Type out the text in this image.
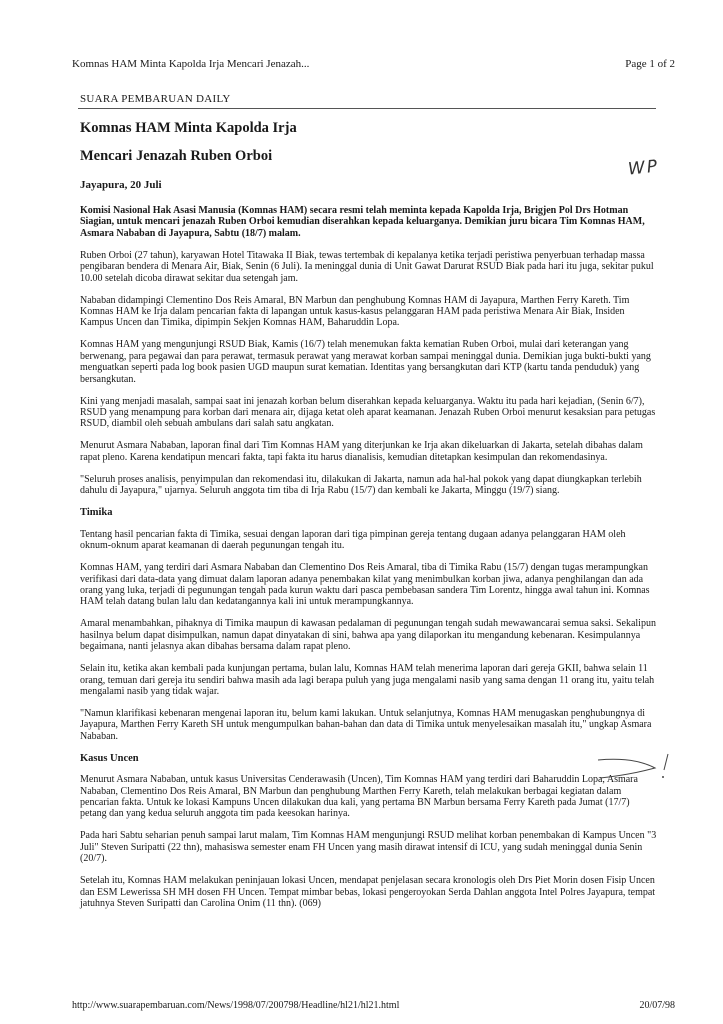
Komnas HAM Minta Kapolda Irja Mencari Jenazah...	Page 1 of 2
SUARA PEMBARUAN DAILY
Komnas HAM Minta Kapolda Irja
Mencari Jenazah Ruben Orboi
WP
Jayapura, 20 Juli

Komisi Nasional Hak Asasi Manusia (Komnas HAM) secara resmi telah meminta kepada Kapolda Irja, Brigjen Pol Drs Hotman Siagian, untuk mencari jenazah Ruben Orboi kemudian diserahkan kepada keluarganya. Demikian juru bicara Tim Komnas HAM, Asmara Nababan di Jayapura, Sabtu (18/7) malam.

Ruben Orboi (27 tahun), karyawan Hotel Titawaka II Biak, tewas tertembak di kepalanya ketika terjadi peristiwa penyerbuan terhadap massa pengibaran bendera di Menara Air, Biak, Senin (6 Juli). Ia meninggal dunia di Unit Gawat Darurat RSUD Biak pada hari itu juga, sekitar pukul 10.00 setelah dicoba dirawat sekitar dua setengah jam.

Nababan didampingi Clementino Dos Reis Amaral, BN Marbun dan penghubung Komnas HAM di Jayapura, Marthen Ferry Kareth. Tim Komnas HAM ke Irja dalam pencarian fakta di lapangan untuk kasus-kasus pelanggaran HAM pada peristiwa Menara Air Biak, Insiden Kampus Uncen dan Timika, dipimpin Sekjen Komnas HAM, Baharuddin Lopa.

Komnas HAM yang mengunjungi RSUD Biak, Kamis (16/7) telah menemukan fakta kematian Ruben Orboi, mulai dari keterangan yang berwenang, para pegawai dan para perawat, termasuk perawat yang merawat korban sampai meninggal dunia. Demikian juga bukti-bukti yang menguatkan seperti pada log book pasien UGD maupun surat kematian. Identitas yang bersangkutan dari KTP (kartu tanda penduduk) yang bersangkutan.

Kini yang menjadi masalah, sampai saat ini jenazah korban belum diserahkan kepada keluarganya. Waktu itu pada hari kejadian, (Senin 6/7), RSUD yang menampung para korban dari menara air, dijaga ketat oleh aparat keamanan. Jenazah Ruben Orboi menurut kesaksian para petugas RSUD, diambil oleh sebuah ambulans dari salah satu angkatan.

Menurut Asmara Nababan, laporan final dari Tim Komnas HAM yang diterjunkan ke Irja akan dikeluarkan di Jakarta, setelah dibahas dalam rapat pleno. Karena kendatipun mencari fakta, tapi fakta itu harus dianalisis, kemudian ditetapkan kesimpulan dan rekomendasinya.

"Seluruh proses analisis, penyimpulan dan rekomendasi itu, dilakukan di Jakarta, namun ada hal-hal pokok yang dapat diungkapkan terlebih dahulu di Jayapura," ujarnya. Seluruh anggota tim tiba di Irja Rabu (15/7) dan kembali ke Jakarta, Minggu (19/7) siang.

Timika

Tentang hasil pencarian fakta di Timika, sesuai dengan laporan dari tiga pimpinan gereja tentang dugaan adanya pelanggaran HAM oleh oknum-oknum aparat keamanan di daerah pegunungan tengah itu.

Komnas HAM, yang terdiri dari Asmara Nababan dan Clementino Dos Reis Amaral, tiba di Timika Rabu (15/7) dengan tugas merampungkan verifikasi dari data-data yang dimuat dalam laporan adanya penembakan kilat yang menimbulkan korban jiwa, adanya penghilangan dan ada orang yang luka, terjadi di pegunungan tengah pada kurun waktu dari pasca pembebasan sandera Tim Lorentz, hingga awal tahun ini. Komnas HAM telah datang bulan lalu dan kedatangannya kali ini untuk merampungkannya.

Amaral menambahkan, pihaknya di Timika maupun di kawasan pedalaman di pegunungan tengah sudah mewawancarai semua saksi. Sekalipun hasilnya belum dapat disimpulkan, namun dapat dinyatakan di sini, bahwa apa yang dilaporkan itu mengandung kebenaran. Kesimpulannya begaimana, nanti jelasnya akan dibahas bersama dalam rapat pleno.

Selain itu, ketika akan kembali pada kunjungan pertama, bulan lalu, Komnas HAM telah menerima laporan dari gereja GKII, bahwa selain 11 orang, temuan dari gereja itu sendiri bahwa masih ada lagi berapa puluh yang juga mengalami nasib yang sama dengan 11 orang itu, yaitu telah mengalami nasib yang tidak wajar.

"Namun klarifikasi kebenaran mengenai laporan itu, belum kami lakukan. Untuk selanjutnya, Komnas HAM menugaskan penghubungnya di Jayapura, Marthen Ferry Kareth SH untuk mengumpulkan bahan-bahan dan data di Timika untuk menyelesaikan masalah itu," ungkap Asmara Nababan.

Kasus Uncen

Menurut Asmara Nababan, untuk kasus Universitas Cenderawasih (Uncen), Tim Komnas HAM yang terdiri dari Baharuddin Lopa, Asmara Nababan, Clementino Dos Reis Amaral, BN Marbun dan penghubung Marthen Ferry Kareth, telah melakukan berbagai kegiatan dalam pencarian fakta. Untuk ke lokasi Kampuns Uncen dilakukan dua kali, yang pertama BN Marbun bersama Ferry Kareth pada Jumat (17/7) petang dan yang kedua seluruh anggota tim pada keesokan harinya.

Pada hari Sabtu seharian penuh sampai larut malam, Tim Komnas HAM mengunjungi RSUD melihat korban penembakan di Kampus Uncen "3 Juli" Steven Suripatti (22 thn), mahasiswa semester enam FH Uncen yang masih dirawat intensif di ICU, yang sudah meninggal dunia Senin (20/7).

Setelah itu, Komnas HAM melakukan peninjauan lokasi Uncen, mendapat penjelasan secara kronologis oleh Drs Piet Morin dosen Fisip Uncen dan ESM Lewerissa SH MH dosen FH Uncen. Tempat mimbar bebas, lokasi pengeroyokan Serda Dahlan anggota Intel Polres Jayapura, tempat jatuhnya Steven Suripatti dan Carolina Onim (11 thn). (069)

http://www.suarapembaruan.com/News/1998/07/200798/Headline/hl21/hl21.html	20/07/98
